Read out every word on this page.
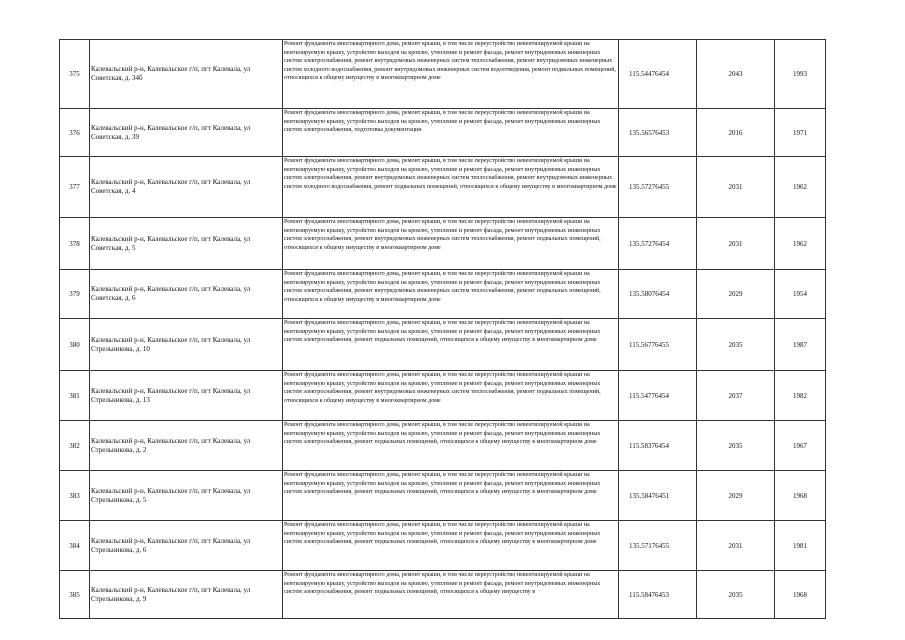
375	Калевальский р-н, Калевальское г/п, пгт Калевала, ул Советская, д. 34б	Ремонт фундамента многоквартирного дома, ремонт крыши, в том числе переустройство невентилируемой крыши на вентилируемую крышу, устройство выходов на кровлю, утепление и ремонт фасада, ремонт внутридомовых инженерных систем электроснабжения, ремонт внутридомовых инженерных систем теплоснабжения, ремонт внутридомовых инженерных систем холодного водоснабжения, ремонт внутридомовых инженерных систем водоотведения, ремонт подвальных помещений, относящихся к общему имуществу в многоквартирном доме	115.54476454	2043	1993
376	Калевальский р-н, Калевальское г/п, пгт Калевала, ул Советская, д. 39	Ремонт фундамента многоквартирного дома, ремонт крыши, в том числе переустройство невентилируемой крыши на вентилируемую крышу, устройство выходов на кровлю, утепление и ремонт фасада, ремонт внутридомовых инженерных систем электроснабжения, подготовка документации	135.56576453	2016	1971
377	Калевальский р-н, Калевальское г/п, пгт Калевала, ул Советская, д. 4	Ремонт фундамента многоквартирного дома, ремонт крыши, в том числе переустройство невентилируемой крыши на вентилируемую крышу, устройство выходов на кровлю, утепление и ремонт фасада, ремонт внутридомовых инженерных систем электроснабжения, ремонт внутридомовых инженерных систем теплоснабжения, ремонт внутридомовых инженерных систем холодного водоснабжения, ремонт подвальных помещений, относящихся к общему имуществу в многоквартирном доме	135.57276455	2031	1962
378	Калевальский р-н, Калевальское г/п, пгт Калевала, ул Советская, д. 5	Ремонт фундамента многоквартирного дома, ремонт крыши, в том числе переустройство невентилируемой крыши на вентилируемую крышу, устройство выходов на кровлю, утепление и ремонт фасада, ремонт внутридомовых инженерных систем электроснабжения, ремонт внутридомовых инженерных систем теплоснабжения, ремонт подвальных помещений, относящихся к общему имуществу в многоквартирном доме	135.57276454	2031	1962
379	Калевальский р-н, Калевальское г/п, пгт Калевала, ул Советская, д. 6	Ремонт фундамента многоквартирного дома, ремонт крыши, в том числе переустройство невентилируемой крыши на вентилируемую крышу, устройство выходов на кровлю, утепление и ремонт фасада, ремонт внутридомовых инженерных систем электроснабжения, ремонт внутридомовых инженерных систем теплоснабжения, ремонт подвальных помещений, относящихся к общему имуществу в многоквартирном доме	135.58076454	2029	1954
380	Калевальский р-н, Калевальское г/п, пгт Калевала, ул Стрельникова, д. 10	Ремонт фундамента многоквартирного дома, ремонт крыши, в том числе переустройство невентилируемой крыши на вентилируемую крышу, устройство выходов на кровлю, утепление и ремонт фасада, ремонт внутридомовых инженерных систем электроснабжения, ремонт подвальных помещений, относящихся к общему имуществу в многоквартирном доме	115.56776455	2035	1987
381	Калевальский р-н, Калевальское г/п, пгт Калевала, ул Стрельникова, д. 13	Ремонт фундамента многоквартирного дома, ремонт крыши, в том числе переустройство невентилируемой крыши на вентилируемую крышу, устройство выходов на кровлю, утепление и ремонт фасада, ремонт внутридомовых инженерных систем электроснабжения, ремонт внутридомовых инженерных систем теплоснабжения, ремонт подвальных помещений, относящихся к общему имуществу в многоквартирном доме	115.54776454	2037	1982
382	Калевальский р-н, Калевальское г/п, пгт Калевала, ул Стрельникова, д. 2	Ремонт фундамента многоквартирного дома, ремонт крыши, в том числе переустройство невентилируемой крыши на вентилируемую крышу, устройство выходов на кровлю, утепление и ремонт фасада, ремонт внутридомовых инженерных систем электроснабжения, ремонт подвальных помещений, относящихся к общему имуществу в многоквартирном доме	115.58376454	2035	1967
383	Калевальский р-н, Калевальское г/п, пгт Калевала, ул Стрельникова, д. 5	Ремонт фундамента многоквартирного дома, ремонт крыши, в том числе переустройство невентилируемой крыши на вентилируемую крышу, устройство выходов на кровлю, утепление и ремонт фасада, ремонт внутридомовых инженерных систем электроснабжения, ремонт подвальных помещений, относящихся к общему имуществу в многоквартирном доме	135.58476451	2029	1968
384	Калевальский р-н, Калевальское г/п, пгт Калевала, ул Стрельникова, д. 6	Ремонт фундамента многоквартирного дома, ремонт крыши, в том числе переустройство невентилируемой крыши на вентилируемую крышу, устройство выходов на кровлю, утепление и ремонт фасада, ремонт внутридомовых инженерных систем электроснабжения, ремонт подвальных помещений, относящихся к общему имуществу в многоквартирном доме	135.57176455	2031	1981
385	Калевальский р-н, Калевальское г/п, пгт Калевала, ул Стрельникова, д. 9	Ремонт фундамента многоквартирного дома, ремонт крыши, в том числе переустройство невентилируемой крыши на вентилируемую крышу, устройство выходов на кровлю, утепление и ремонт фасада, ремонт внутридомовых инженерных систем электроснабжения, ремонт подвальных помещений, относящихся к общему имуществу в	115.58476453	2035	1968
